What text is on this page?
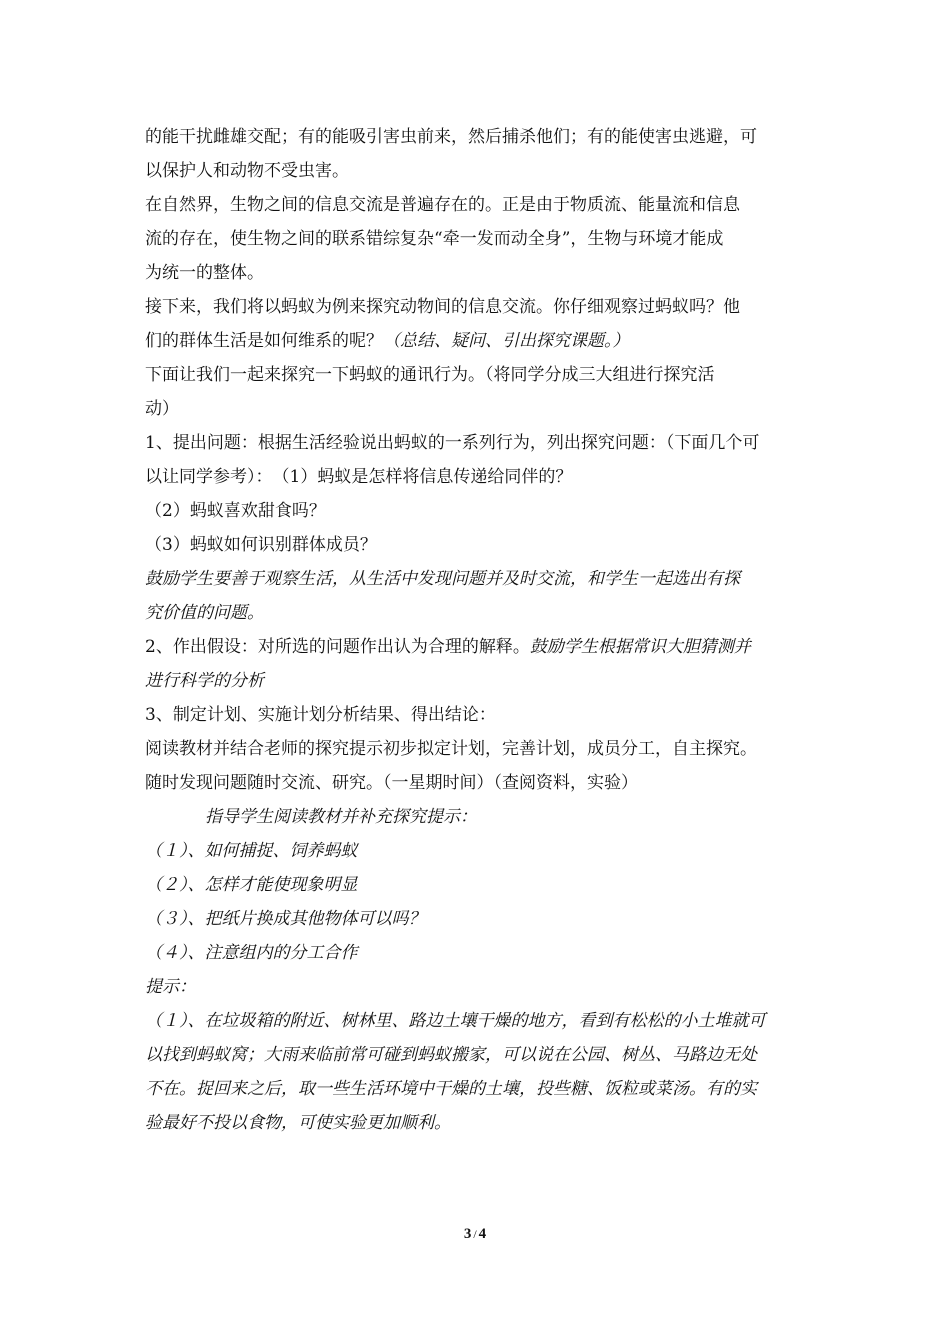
的能干扰雌雄交配；有的能吸引害虫前来，然后捕杀他们；有的能使害虫逃避，可
以保护人和动物不受虫害。
在自然界，生物之间的信息交流是普遍存在的。正是由于物质流、能量流和信息
流的存在，使生物之间的联系错综复杂“牵一发而动全身”，生物与环境才能成
为统一的整体。
接下来，我们将以蚂蚁为例来探究动物间的信息交流。你仔细观察过蚂蚁吗？他
们的群体生活是如何维系的呢？（总结、疑问、引出探究课题。）
下面让我们一起来探究一下蚂蚁的通讯行为。（将同学分成三大组进行探究活
动）
1、提出问题：根据生活经验说出蚂蚁的一系列行为，列出探究问题：（下面几个可
以让同学参考）：　（1）蚂蚁是怎样将信息传递给同伴的？
（2）蚂蚁喜欢甜食吗？
（3）蚂蚁如何识别群体成员？
鼓励学生要善于观察生活，从生活中发现问题并及时交流，和学生一起选出有探
究价值的问题。
2、作出假设：对所选的问题作出认为合理的解释。鼓励学生根据常识大胆猜测并
进行科学的分析
3、制定计划、实施计划分析结果、得出结论：
阅读教材并结合老师的探究提示初步拟定计划，完善计划，成员分工，自主探究。
随时发现问题随时交流、研究。（一星期时间）（查阅资料，实验）
指导学生阅读教材并补充探究提示：
（１）、如何捕捉、饲养蚂蚁
（２）、怎样才能使现象明显
（３）、把纸片换成其他物体可以吗？
（４）、注意组内的分工合作
提示：
（１）、在垃圾箱的附近、树林里、路边土壤干燥的地方，看到有松松的小土堆就可
以找到蚂蚁窝；大雨来临前常可碰到蚂蚁搬家，可以说在公园、树丛、马路边无处
不在。捉回来之后，取一些生活环境中干燥的土壤，投些糖、饭粒或菜汤。有的实
验最好不投以食物，可使实验更加顺利。
3 / 4
